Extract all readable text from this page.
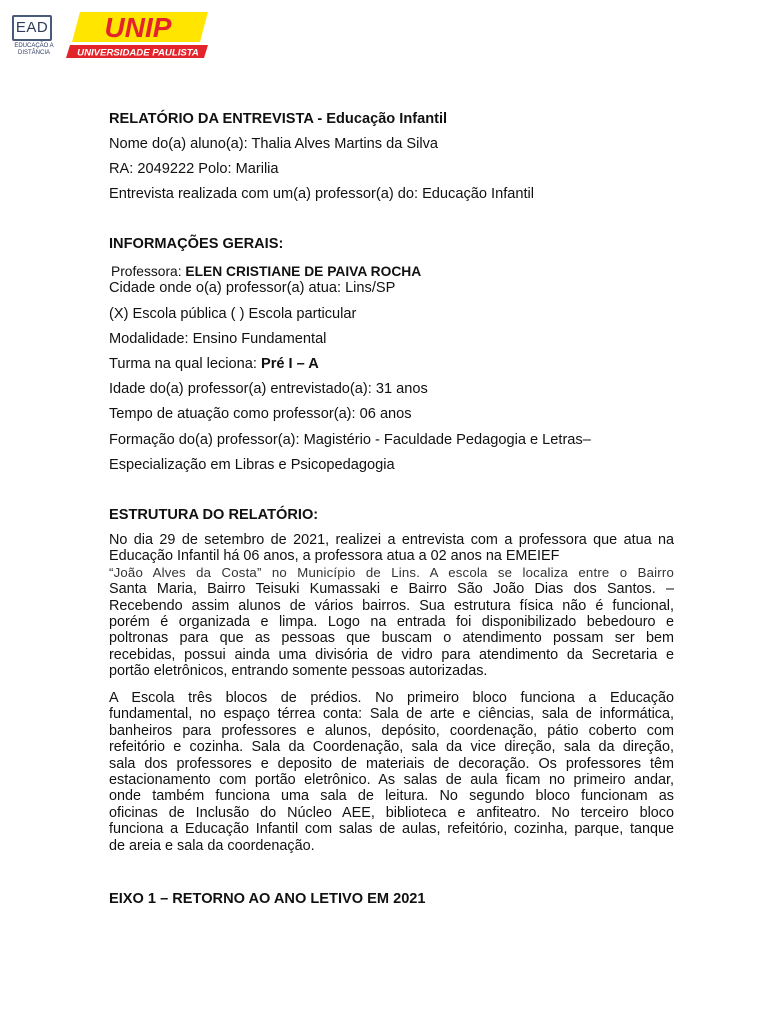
EAD
EDUCAÇÃO A DISTÂNCIA
UNIP
UNIVERSIDADE PAULISTA
RELATÓRIO DA ENTREVISTA - Educação Infantil
Nome do(a) aluno(a): Thalia Alves Martins da Silva
RA: 2049222 Polo: Marilia
Entrevista realizada com um(a) professor(a) do: Educação Infantil
INFORMAÇÕES GERAIS:
Professora: ELEN CRISTIANE DE PAIVA ROCHA
Cidade onde o(a) professor(a) atua: Lins/SP
(X) Escola pública ( ) Escola particular
Modalidade: Ensino Fundamental
Turma na qual leciona: Pré I – A
Idade do(a) professor(a) entrevistado(a): 31 anos
Tempo de atuação como professor(a): 06 anos
Formação do(a) professor(a): Magistério - Faculdade Pedagogia e Letras–
Especialização em Libras e Psicopedagogia
ESTRUTURA DO RELATÓRIO:
No dia 29 de setembro de 2021, realizei a entrevista com a professora que atua na
Educação Infantil há 06 anos, a professora atua a 02 anos na EMEIEF
“João Alves da Costa” no Município de Lins. A escola se localiza entre o Bairro
Santa Maria, Bairro Teisuki Kumassaki e Bairro São João Dias dos Santos. –
Recebendo assim alunos de vários bairros. Sua estrutura física não é funcional,
porém é organizada e limpa. Logo na entrada foi disponibilizado bebedouro e
poltronas para que as pessoas que buscam o atendimento possam ser bem
recebidas, possui ainda uma divisória de vidro para atendimento da Secretaria e
portão eletrônicos, entrando somente pessoas autorizadas.
A Escola três blocos de prédios. No primeiro bloco funciona a Educação
fundamental, no espaço térrea conta: Sala de arte e ciências, sala de informática,
banheiros para professores e alunos, depósito, coordenação, pátio coberto com
refeitório e cozinha. Sala da Coordenação, sala da vice direção, sala da direção,
sala dos professores e deposito de materiais de decoração. Os professores têm
estacionamento com portão eletrônico. As salas de aula ficam no primeiro andar,
onde também funciona uma sala de leitura. No segundo bloco funcionam as
oficinas de Inclusão do Núcleo AEE, biblioteca e anfiteatro. No terceiro bloco
funciona a Educação Infantil com salas de aulas, refeitório, cozinha, parque, tanque
de areia e sala da coordenação.
EIXO 1 – RETORNO AO ANO LETIVO EM 2021
